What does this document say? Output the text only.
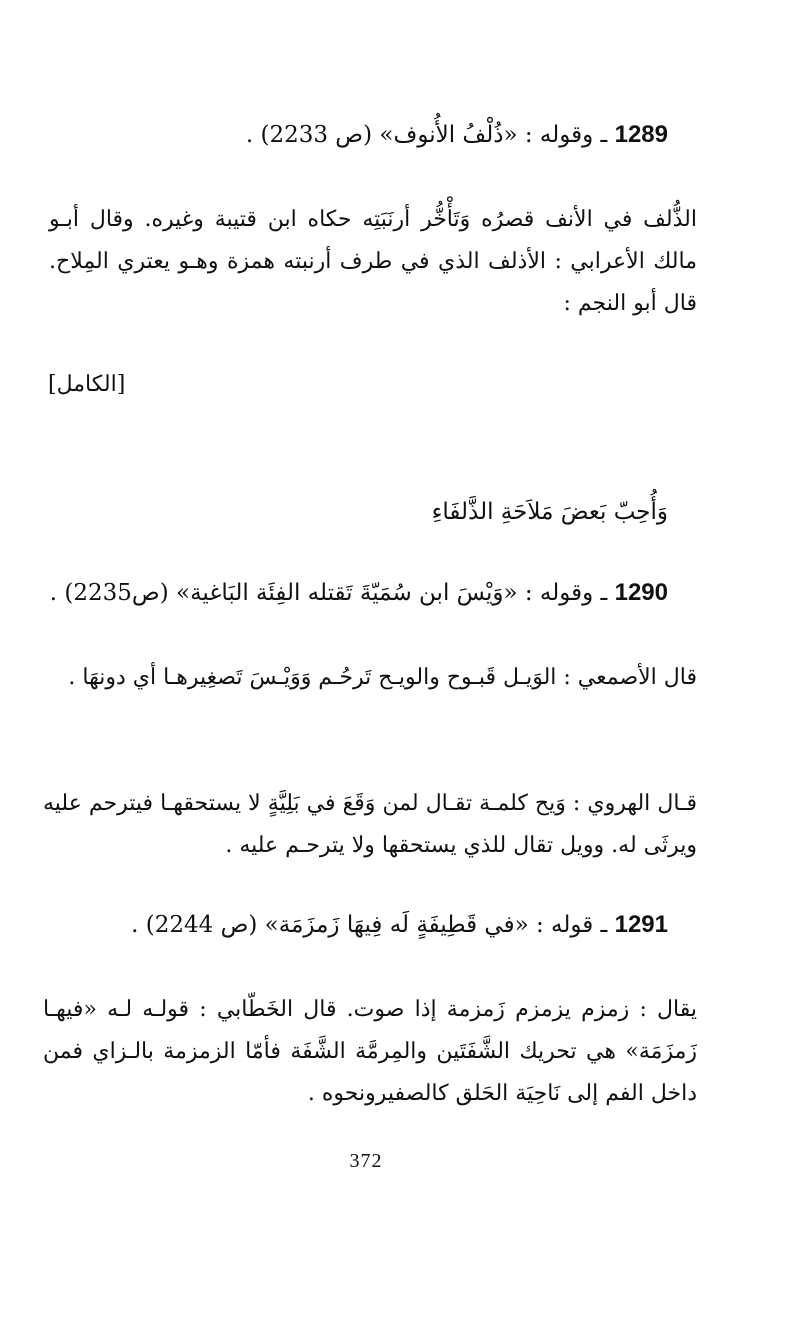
1289 ـ وقوله : «ذُلْفُ الأُنوف» (ص 2233) .
الذُّلف في الأنف قصرُه وَتَأْخُّر أرنَبَتِه حكاه ابن قتيبة وغيره. وقال أبـو مالك الأعرابي : الأذلف الذي في طرف أرنبته همزة وهـو يعتري المِلاح. قال أبو النجم :
[الكامل]
وَأُحِبّ بَعضَ مَلاَحَةِ الذَّلفَاءِ
1290 ـ وقوله : «وَيْسَ ابن سُمَيّةَ تَقتله الفِئَة البَاغية» (ص2235) .
قال الأصمعي : الوَيـل قَبـوح والويـح تَرحُـم وَوَيْـسَ تَصغِيرهـا أي دونهَا .
قـال الهروي : وَيح كلمـة تقـال لمن وَقَعَ في بَلِيَّةٍ لا يستحقهـا فيترحم عليه ويرثَى له. وويل تقال للذي يستحقها ولا يترحـم عليه .
1291 ـ قوله : «في قَطِيفَةٍ لَه فِيهَا زَمزَمَة» (ص 2244) .
يقال : زمزم يزمزم زَمزمة إذا صوت. قال الخَطّابي : قولـه لـه «فيهـا زَمزَمَة» هي تحريك الشَّفَتَين والمِرمَّة الشَّفَة فأمّا الزمزمة بالـزاي فمن داخل الفم إلى نَاحِيَة الحَلق كالصفيرونحوه .
372
